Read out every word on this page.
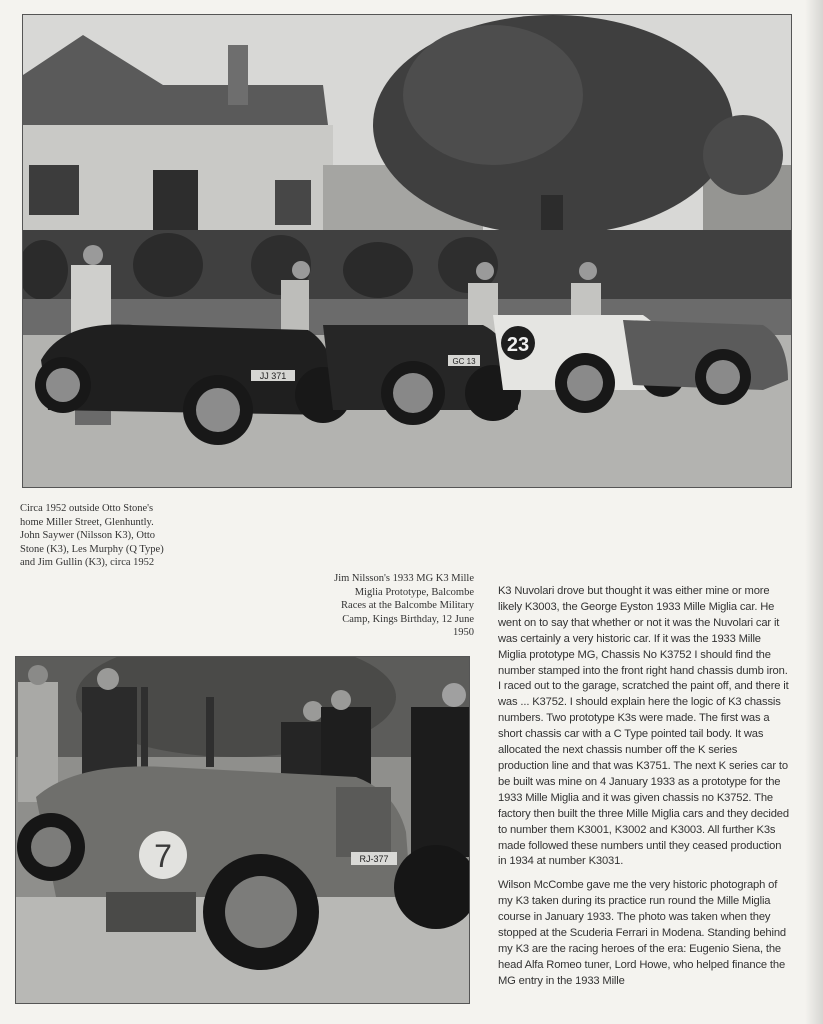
JJ 371
GC 13
23
Circa 1952 outside Otto Stone's home Miller Street, Glenhuntly. John Saywer (Nilsson K3), Otto Stone (K3), Les Murphy (Q Type) and Jim Gullin (K3), circa 1952
Jim Nilsson's 1933 MG K3 Mille Miglia Prototype, Balcombe Races at the Balcombe Military Camp, Kings Birthday, 12 June 1950
7	RJ-377

K3 Nuvolari drove but thought it was either mine or more likely K3003, the George Eyston 1933 Mille Miglia car. He went on to say that whether or not it was the Nuvolari car it was certainly a very historic car. If it was the 1933 Mille Miglia prototype MG, Chassis No K3752 I should find the number stamped into the front right hand chassis dumb iron. I raced out to the garage, scratched the paint off, and there it was ... K3752. I should explain here the logic of K3 chassis numbers. Two prototype K3s were made. The first was a short chassis car with a C Type pointed tail body. It was allocated the next chassis number off the K series production line and that was K3751. The next K series car to be built was mine on 4 January 1933 as a prototype for the 1933 Mille Miglia and it was given chassis no K3752. The factory then built the three Mille Miglia cars and they decided to number them K3001, K3002 and K3003. All further K3s made followed these numbers until they ceased production in 1934 at number K3031.

Wilson McCombe gave me the very historic photograph of my K3 taken during its practice run round the Mille Miglia course in January 1933. The photo was taken when they stopped at the Scuderia Ferrari in Modena. Standing behind my K3 are the racing heroes of the era: Eugenio Siena, the head Alfa Romeo tuner, Lord Howe, who helped finance the MG entry in the 1933 Mille
